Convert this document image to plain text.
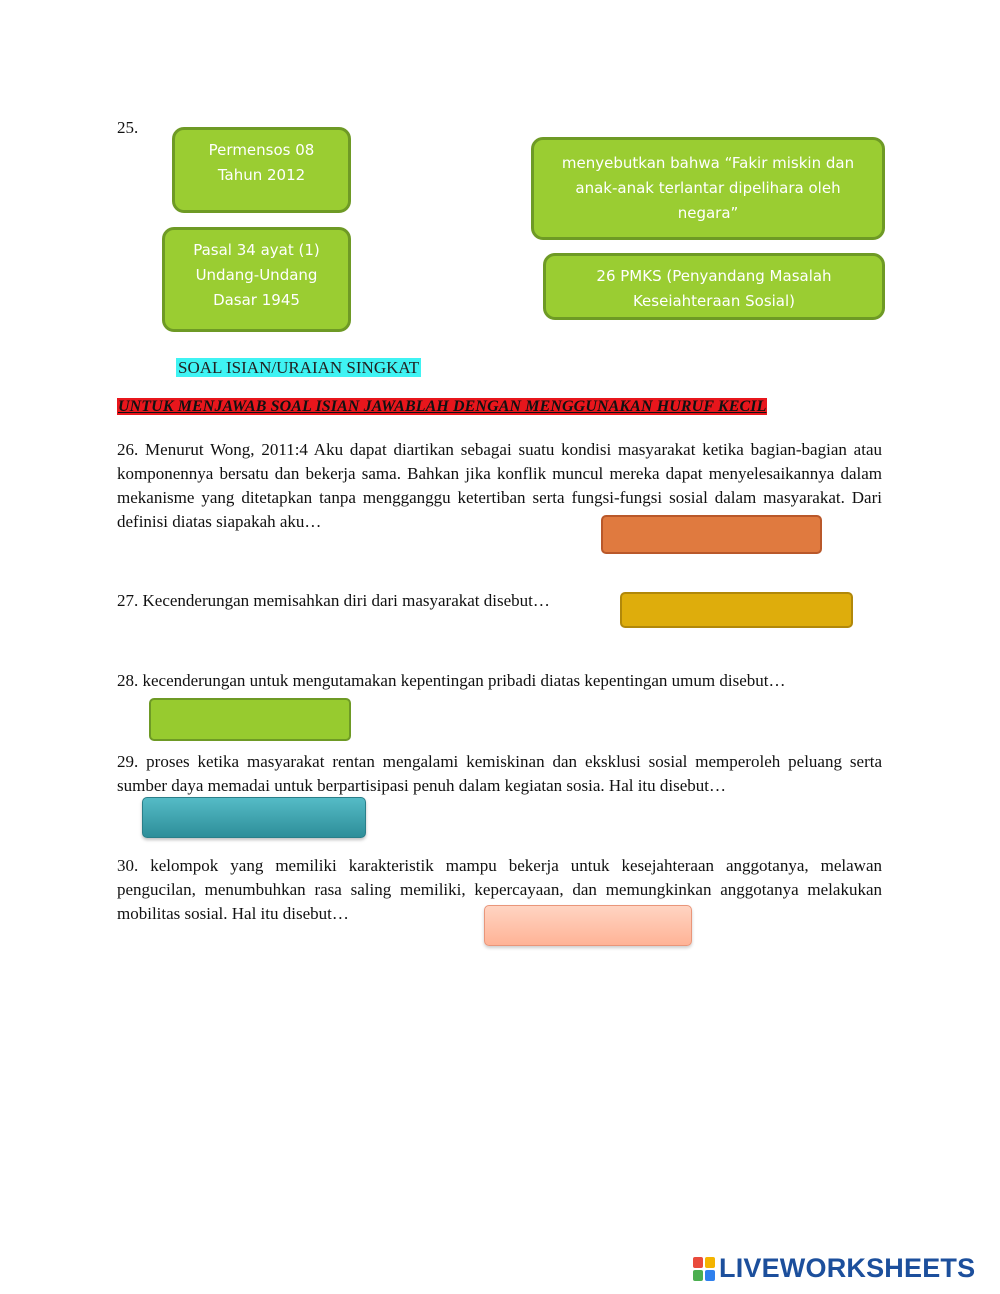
25.
Permensos 08
Tahun 2012
Pasal 34 ayat (1)
Undang-Undang
Dasar 1945
menyebutkan bahwa “Fakir miskin dan
anak-anak terlantar dipelihara oleh
negara”
26 PMKS (Penyandang Masalah
Keseiahteraan Sosial)
SOAL ISIAN/URAIAN SINGKAT
UNTUK MENJAWAB SOAL ISIAN JAWABLAH DENGAN MENGGUNAKAN HURUF KECIL
26. Menurut Wong, 2011:4 Aku dapat diartikan sebagai suatu kondisi masyarakat ketika bagian-bagian atau komponennya bersatu dan bekerja sama. Bahkan jika konflik muncul mereka dapat menyelesaikannya dalam mekanisme yang ditetapkan tanpa mengganggu ketertiban serta fungsi-fungsi sosial dalam masyarakat. Dari definisi diatas siapakah aku…
27. Kecenderungan memisahkan diri dari masyarakat disebut…
28. kecenderungan untuk mengutamakan kepentingan pribadi diatas kepentingan umum disebut…
29. proses ketika masyarakat rentan mengalami kemiskinan dan eksklusi sosial memperoleh peluang serta sumber daya memadai untuk berpartisipasi penuh dalam kegiatan sosia. Hal itu disebut…
30. kelompok yang memiliki karakteristik mampu bekerja untuk kesejahteraan anggotanya, melawan pengucilan, menumbuhkan rasa saling memiliki, kepercayaan, dan memungkinkan anggotanya melakukan mobilitas sosial. Hal itu disebut…
LIVEWORKSHEETS
